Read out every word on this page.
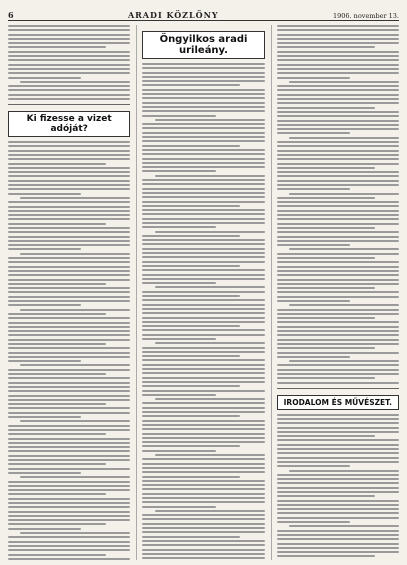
6	ARADI KÖZLÖNY	1906. november 13.
Ki fizesse a vizet adóját?
Öngyilkos aradi urileány.
IRODALOM ÉS MŰVÉSZET.
